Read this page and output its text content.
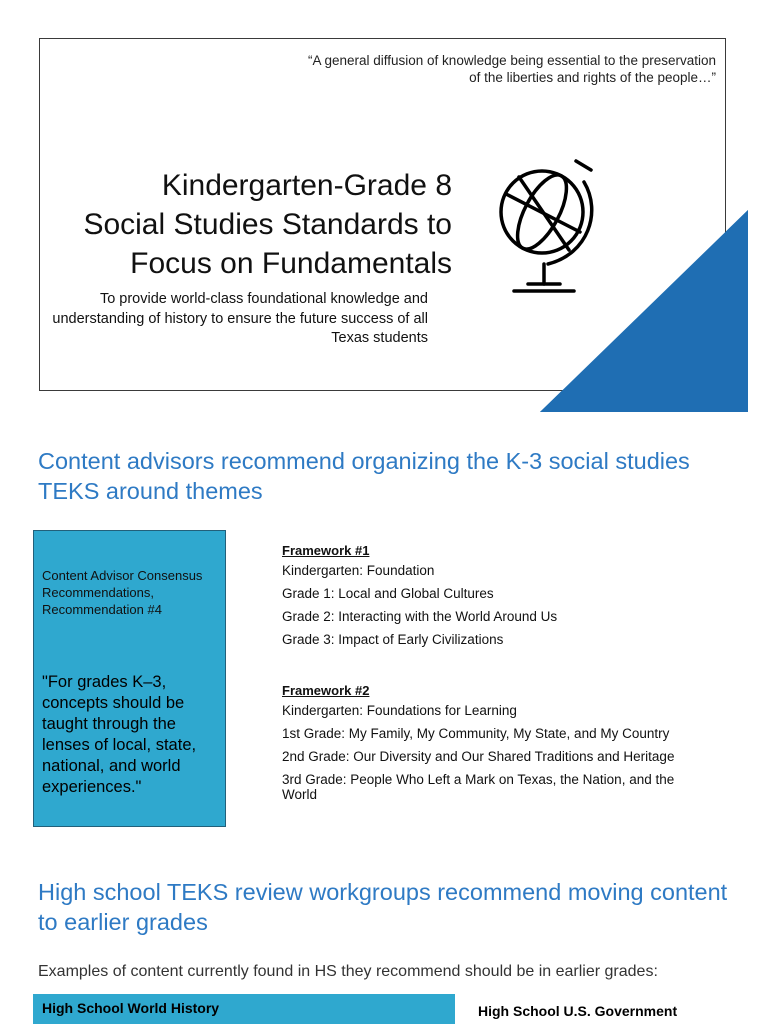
“A general diffusion of knowledge being essential to the preservation of the liberties and rights of the people…”
Kindergarten-Grade 8
Social Studies Standards to
Focus on Fundamentals
To provide world-class foundational knowledge and understanding of history to ensure the future success of all Texas students
Content advisors recommend organizing the K-3 social studies TEKS around themes
Content Advisor Consensus Recommendations, Recommendation #4
"For grades K–3, concepts should be taught through the lenses of local, state, national, and world experiences."
Framework #1
Kindergarten: Foundation
Grade 1: Local and Global Cultures
Grade 2: Interacting with the World Around Us
Grade 3: Impact of Early Civilizations
Framework #2
Kindergarten: Foundations for Learning
1st Grade: My Family, My Community, My State, and My Country
2nd Grade: Our Diversity and Our Shared Traditions and Heritage
3rd Grade: People Who Left a Mark on Texas, the Nation, and the World
High school TEKS review workgroups recommend moving content to earlier grades
Examples of content currently found in HS they recommend should be in earlier grades:
High School World History	High School U.S. Government
